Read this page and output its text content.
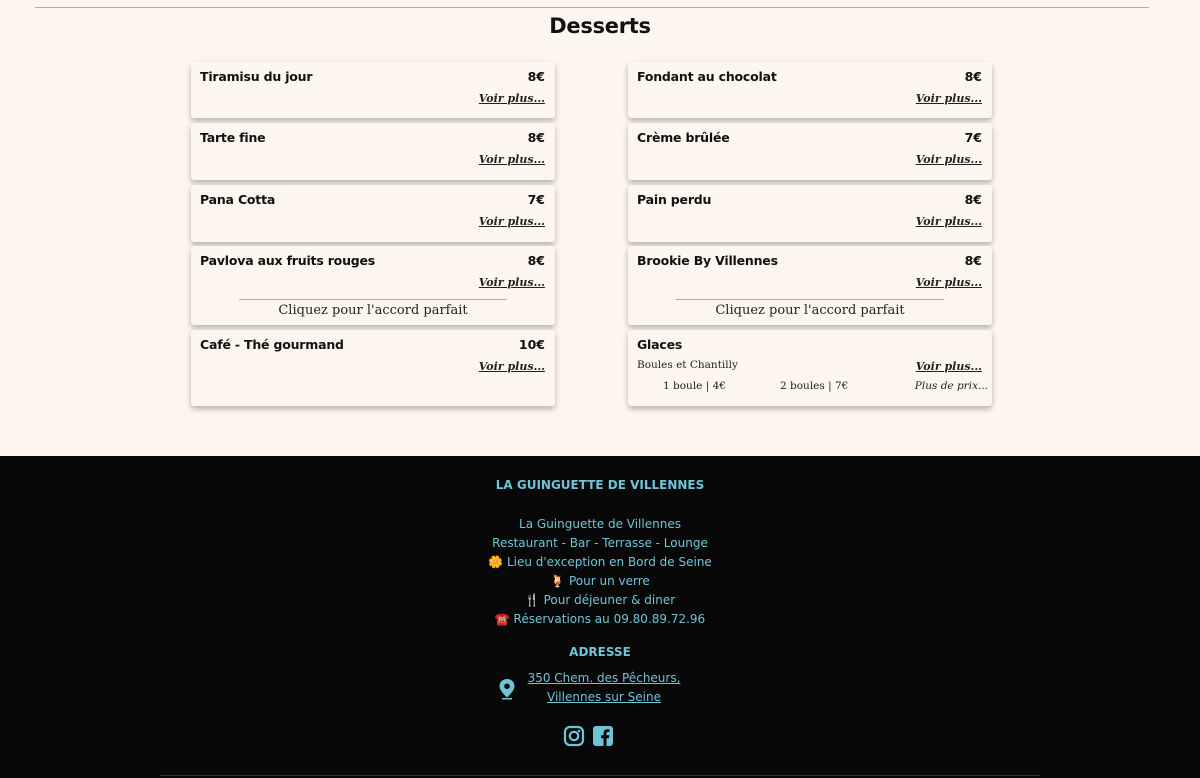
Desserts
Tiramisu du jour	8€
Voir plus...
Fondant au chocolat	8€
Voir plus...
Tarte fine	8€
Voir plus...
Crème brûlée	7€
Voir plus...
Pana Cotta	7€
Voir plus...
Pain perdu	8€
Voir plus...
Pavlova aux fruits rouges	8€
Voir plus...
Cliquez pour l'accord parfait
Brookie By Villennes	8€
Voir plus...
Cliquez pour l'accord parfait
Café - Thé gourmand	10€
Voir plus...
Glaces
Boules et Chantilly	Voir plus...
1 boule | 4€	2 boules | 7€	Plus de prix...
LA GUINGUETTE DE VILLENNES
La Guinguette de Villennes
Restaurant - Bar - Terrasse - Lounge
🌼 Lieu d'exception en Bord de Seine
🍹 Pour un verre
🍴 Pour déjeuner & diner
☎️ Réservations au 09.80.89.72.96
ADRESSE
350 Chem. des Pêcheurs,
Villennes sur Seine
